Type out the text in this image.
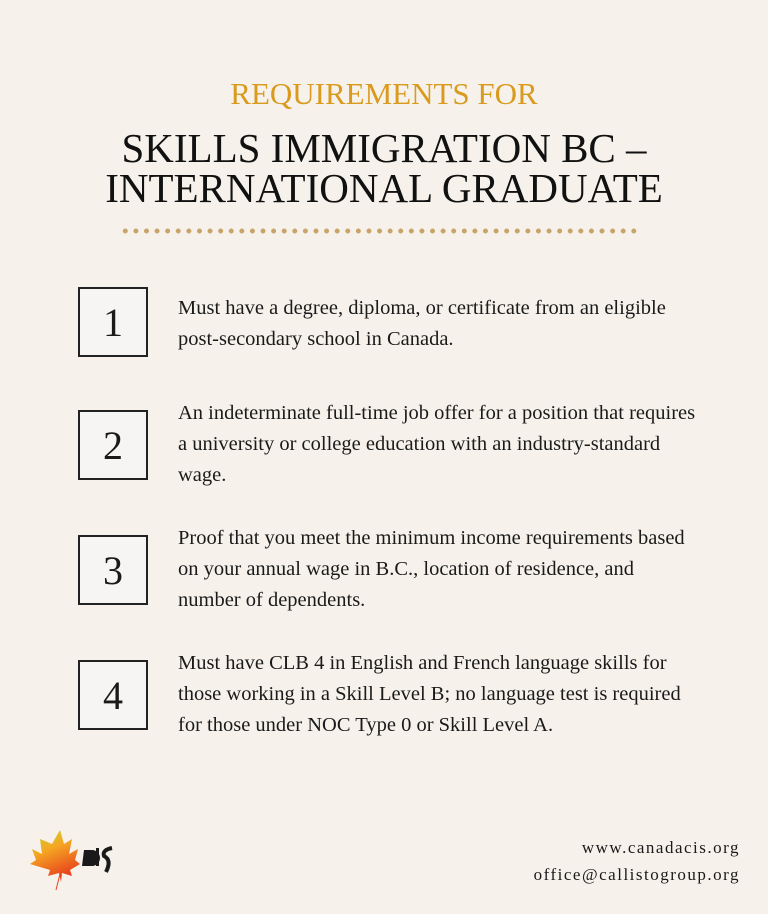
REQUIREMENTS FOR
SKILLS IMMIGRATION BC –
INTERNATIONAL GRADUATE
1	Must have a degree, diploma, or certificate from an eligible post-secondary school in Canada.
2
An indeterminate full-time job offer for a position that requires a university or college education with an industry-standard wage.
3
Proof that you meet the minimum income requirements based on your annual wage in B.C., location of residence, and number of dependents.
4
Must have CLB 4 in English and French language skills for those working in a Skill Level B; no language test is required for those under NOC Type 0 or Skill Level A.
www.canadacis.org
office@callistogroup.org
